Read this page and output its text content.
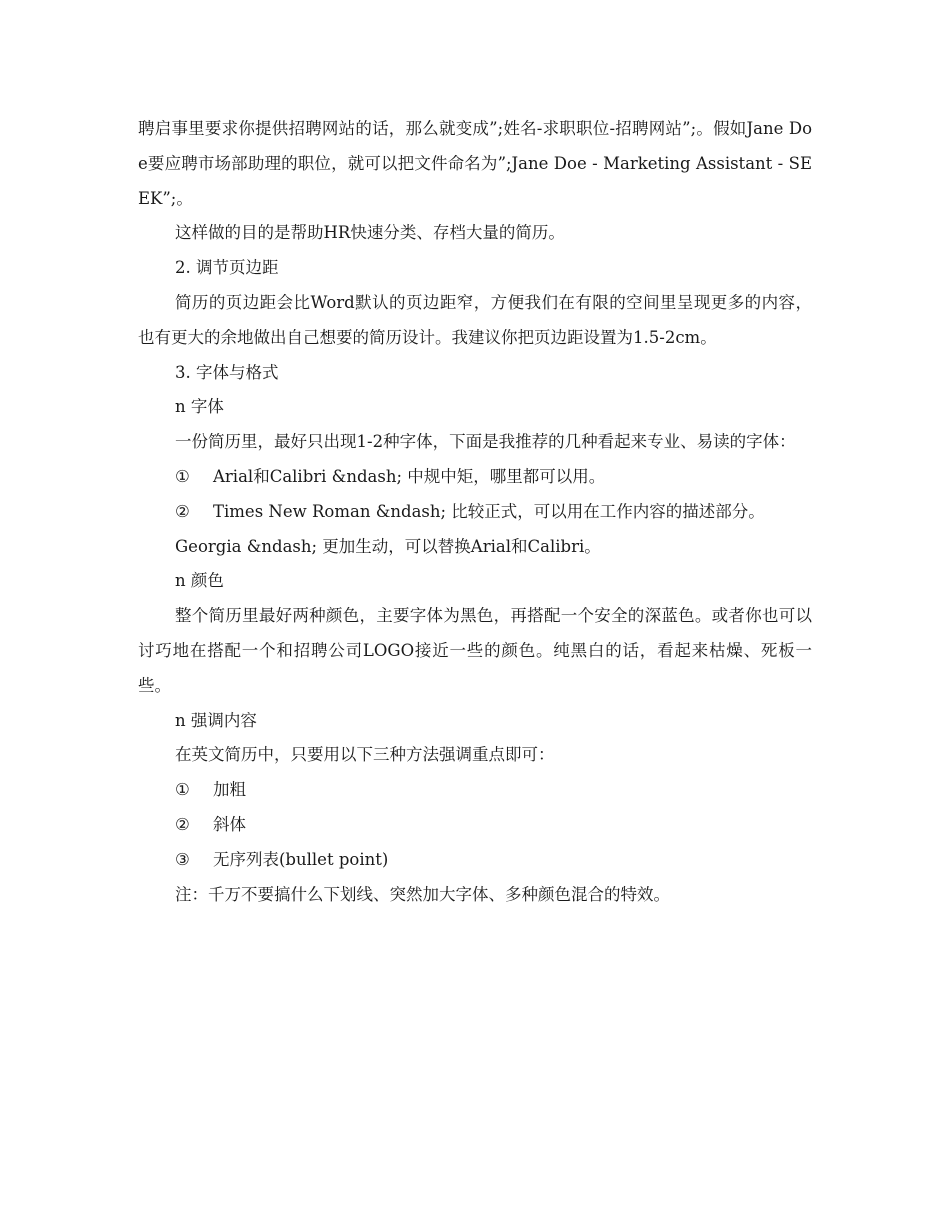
聘启事里要求你提供招聘网站的话，那么就变成”;姓名-求职职位-招聘网站”;。假如Jane Doe要应聘市场部助理的职位，就可以把文件命名为”;Jane Doe - Marketing Assistant - SEEK”;。

这样做的目的是帮助HR快速分类、存档大量的简历。

2. 调节页边距

简历的页边距会比Word默认的页边距窄，方便我们在有限的空间里呈现更多的内容，也有更大的余地做出自己想要的简历设计。我建议你把页边距设置为1.5-2cm。

3. 字体与格式

n 字体

一份简历里，最好只出现1-2种字体，下面是我推荐的几种看起来专业、易读的字体：

① Arial和Calibri &ndash; 中规中矩，哪里都可以用。

② Times New Roman &ndash; 比较正式，可以用在工作内容的描述部分。

Georgia &ndash; 更加生动，可以替换Arial和Calibri。

n 颜色

整个简历里最好两种颜色，主要字体为黑色，再搭配一个安全的深蓝色。或者你也可以讨巧地在搭配一个和招聘公司LOGO接近一些的颜色。纯黑白的话，看起来枯燥、死板一些。

n 强调内容

在英文简历中，只要用以下三种方法强调重点即可：

① 加粗

② 斜体

③ 无序列表(bullet point)

注：千万不要搞什么下划线、突然加大字体、多种颜色混合的特效。
